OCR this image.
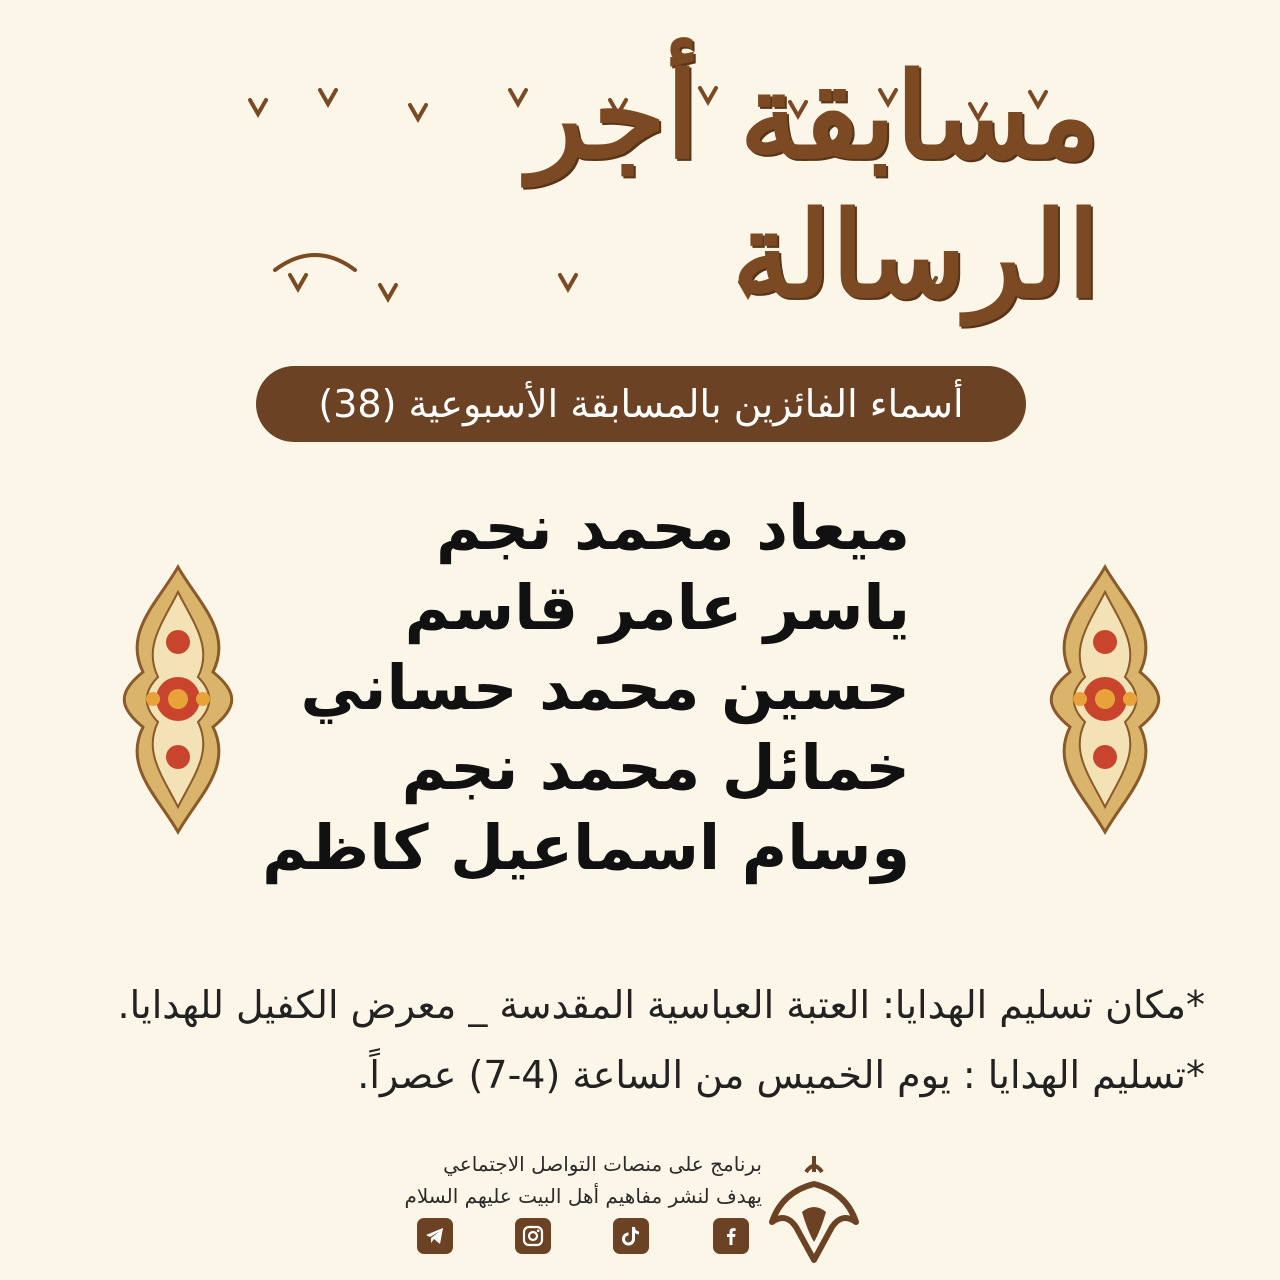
مسابقة أجر الرسالة
أسماء الفائزين بالمسابقة الأسبوعية (38)
ميعاد محمد نجم
ياسر عامر قاسم
حسين محمد حساني
خمائل محمد نجم
وسام اسماعيل كاظم
*مكان تسليم الهدايا: العتبة العباسية المقدسة _ معرض الكفيل للهدايا.
*تسليم الهدايا : يوم الخميس من الساعة (4-7) عصراً.
برنامج على منصات التواصل الاجتماعي
يهدف لنشر مفاهيم أهل البيت عليهم السلام
